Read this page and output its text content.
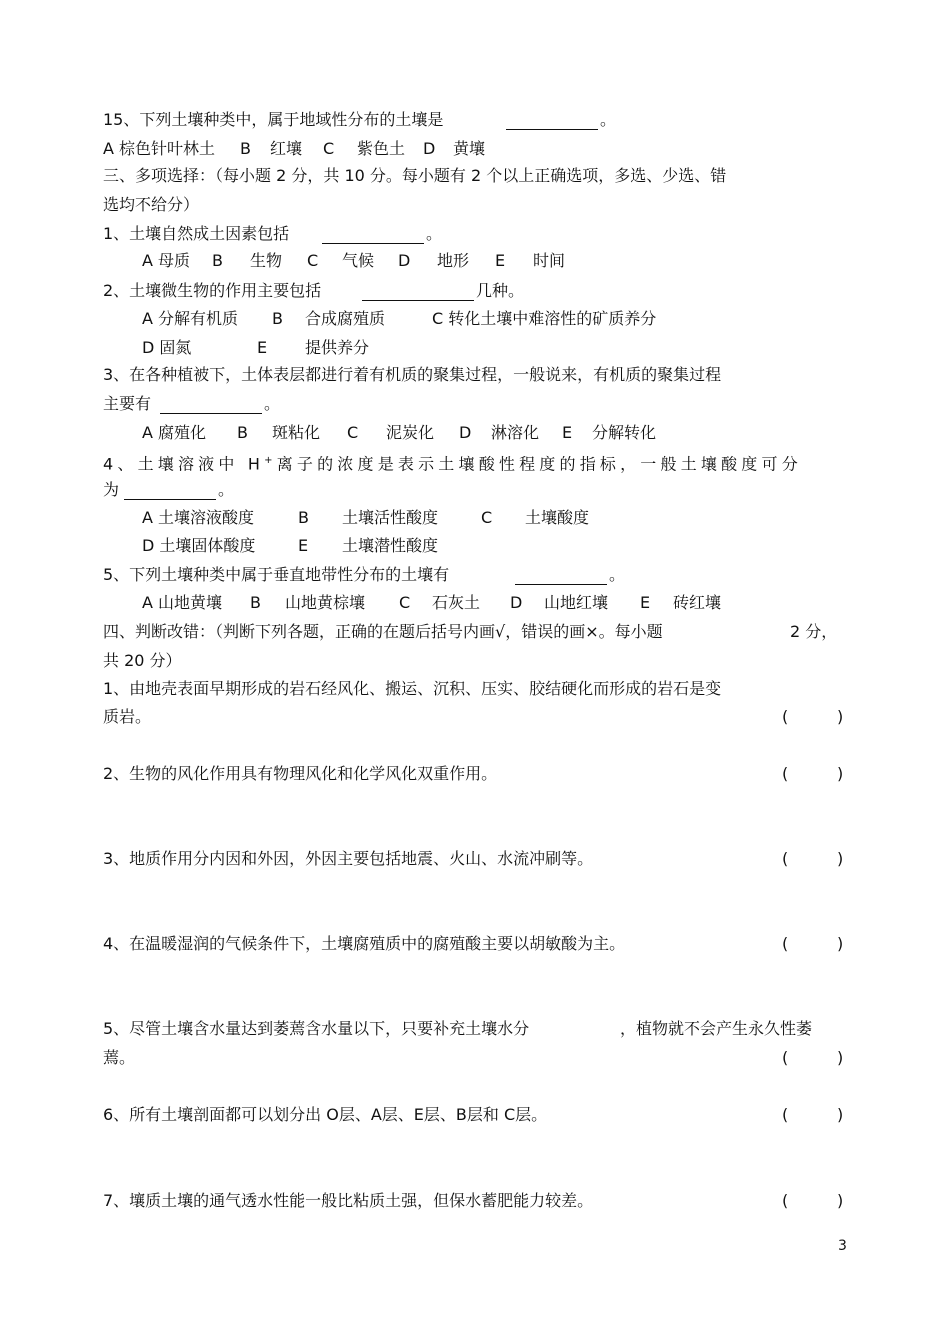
15、下列土壤种类中，属于地域性分布的土壤是	。
A 棕色针叶林土 B 红壤 C 紫色土 D 黄壤
三、多项选择：（每小题 2 分，共 10 分。每小题有 2 个以上正确选项，多选、少选、错
选均不给分）
1、土壤自然成土因素包括	。
A 母质 B 生物 C 气候 D 地形 E 时间
2、土壤微生物的作用主要包括	几种。
A 分解有机质 B 合成腐殖质	C 转化土壤中难溶性的矿质养分
D 固氮	E 提供养分
3、在各种植被下，土体表层都进行着有机质的聚集过程，一般说来，有机质的聚集过程
主要有	。
A 腐殖化 B 斑粘化 C 泥炭化 D 淋溶化 E 分解转化
4、土壤溶液中 H+离子的浓度是表示土壤酸性程度的指标，一般土壤酸度可分
为	。
A 土壤溶液酸度	B 土壤活性酸度	C 土壤酸度
D 土壤固体酸度	E 土壤潜性酸度
5、下列土壤种类中属于垂直地带性分布的土壤有	。
A 山地黄壤 B 山地黄棕壤 C 石灰土 D 山地红壤 E 砖红壤
四、判断改错：（判断下列各题，正确的在题后括号内画√，错误的画×。每小题	2 分，
共 20 分）
1、由地壳表面早期形成的岩石经风化、搬运、沉积、压实、胶结硬化而形成的岩石是变
质岩。	(	)
2、生物的风化作用具有物理风化和化学风化双重作用。	(	)
3、地质作用分内因和外因，外因主要包括地震、火山、水流冲刷等。	(	)
4、在温暖湿润的气候条件下，土壤腐殖质中的腐殖酸主要以胡敏酸为主。	(	)
5、尽管土壤含水量达到萎蔫含水量以下，只要补充土壤水分	，植物就不会产生永久性萎
蔫。	(	)
6、所有土壤剖面都可以划分出 O层、A层、E层、B层和 C层。	(	)
7、壤质土壤的通气透水性能一般比粘质土强，但保水蓄肥能力较差。	(	)
3
